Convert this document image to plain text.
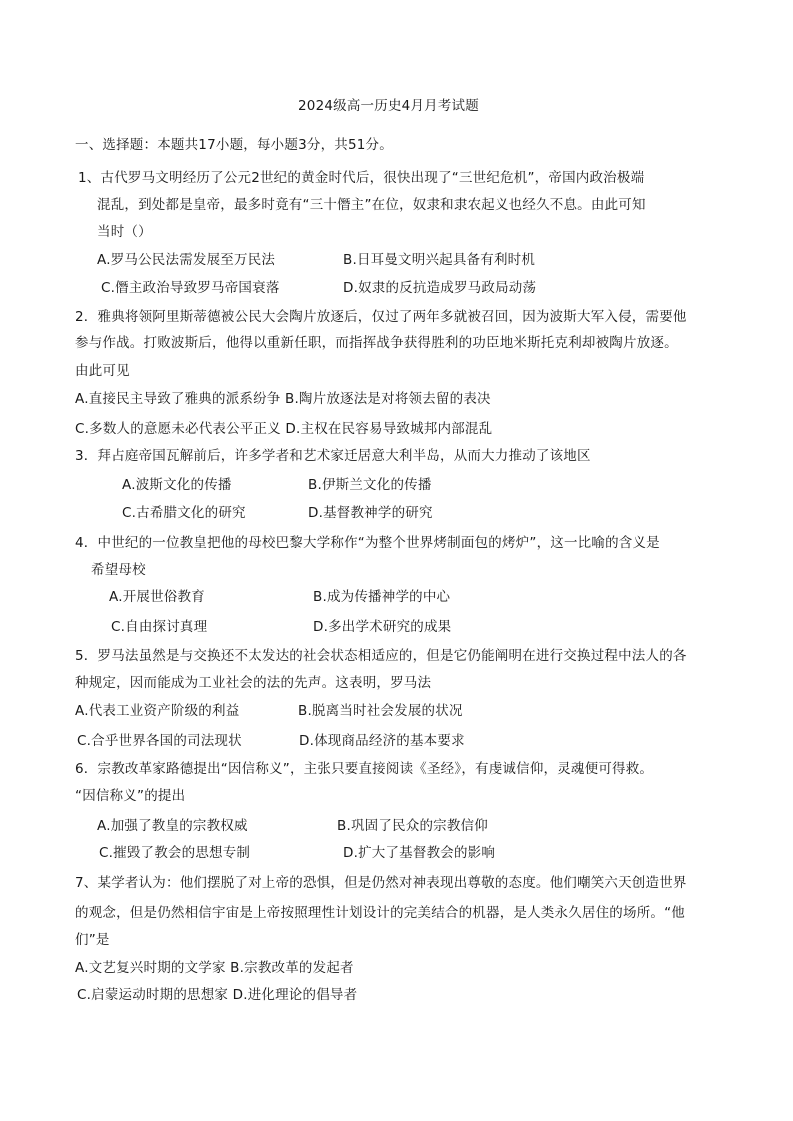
2024级高一历史4月月考试题
一、选择题：本题共17小题，每小题3分，共51分。
1、古代罗马文明经历了公元2世纪的黄金时代后，很快出现了“三世纪危机”，帝国内政治极端
混乱，到处都是皇帝，最多时竟有“三十僭主”在位，奴隶和隶农起义也经久不息。由此可知
当时（）
A.罗马公民法需发展至万民法	B.日耳曼文明兴起具备有利时机
C.僭主政治导致罗马帝国衰落	D.奴隶的反抗造成罗马政局动荡
2．雅典将领阿里斯蒂德被公民大会陶片放逐后，仅过了两年多就被召回，因为波斯大军入侵，需要他
参与作战。打败波斯后，他得以重新任职，而指挥战争获得胜利的功臣地米斯托克利却被陶片放逐。
由此可见
A.直接民主导致了雅典的派系纷争 B.陶片放逐法是对将领去留的表决
C.多数人的意愿未必代表公平正义 D.主权在民容易导致城邦内部混乱
3．拜占庭帝国瓦解前后，许多学者和艺术家迁居意大利半岛，从而大力推动了该地区
A.波斯文化的传播	B.伊斯兰文化的传播
C.古希腊文化的研究	D.基督教神学的研究
4．中世纪的一位教皇把他的母校巴黎大学称作“为整个世界烤制面包的烤炉”，这一比喻的含义是
希望母校
A.开展世俗教育	B.成为传播神学的中心
C.自由探讨真理	D.多出学术研究的成果
5．罗马法虽然是与交换还不太发达的社会状态相适应的，但是它仍能阐明在进行交换过程中法人的各
种规定，因而能成为工业社会的法的先声。这表明，罗马法
A.代表工业资产阶级的利益	B.脱离当时社会发展的状况
C.合乎世界各国的司法现状	D.体现商品经济的基本要求
6．宗教改革家路德提出“因信称义”，主张只要直接阅读《圣经》，有虔诚信仰，灵魂便可得救。
“因信称义”的提出
A.加强了教皇的宗教权威	B.巩固了民众的宗教信仰
C.摧毁了教会的思想专制	D.扩大了基督教会的影响
7、某学者认为：他们摆脱了对上帝的恐惧，但是仍然对神表现出尊敬的态度。他们嘲笑六天创造世界
的观念，但是仍然相信宇宙是上帝按照理性计划设计的完美结合的机器，是人类永久居住的场所。“他
们”是
A.文艺复兴时期的文学家 B.宗教改革的发起者
C.启蒙运动时期的思想家 D.进化理论的倡导者
